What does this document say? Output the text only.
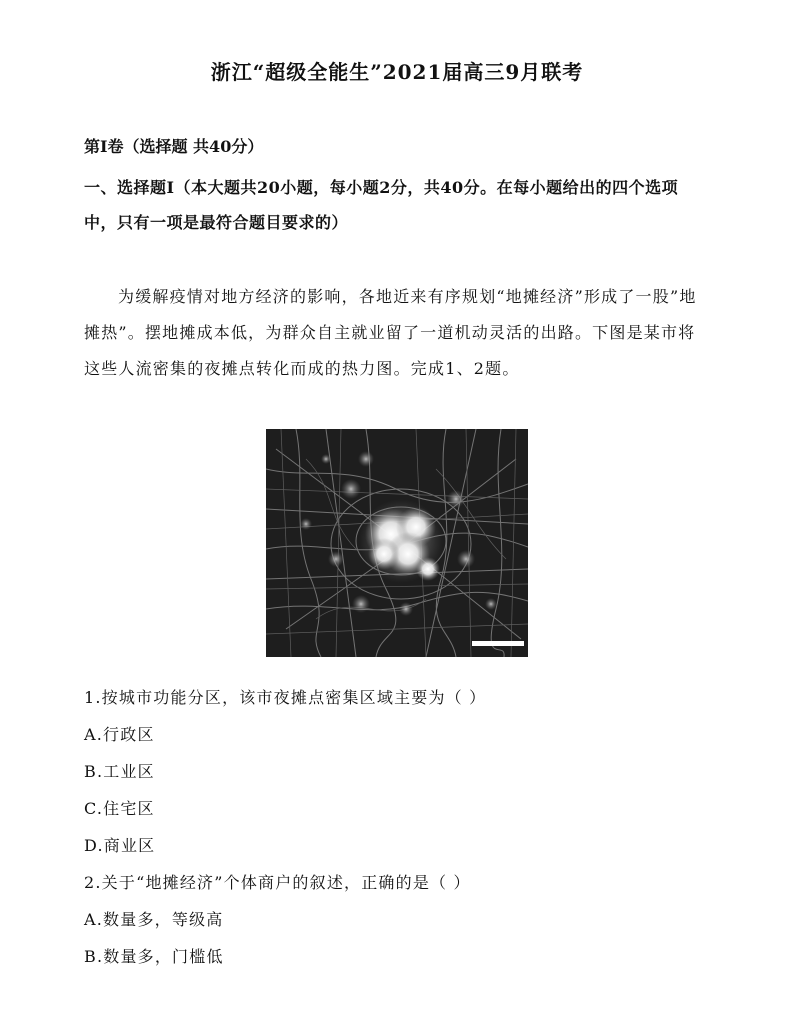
浙江“超级全能生”2021届高三9月联考
第Ⅰ卷（选择题 共40分）
一、选择题Ⅰ（本大题共20小题，每小题2分，共40分。在每小题给出的四个选项中，只有一项是最符合题目要求的）
为缓解疫情对地方经济的影响，各地近来有序规划“地摊经济”形成了一股”地摊热”。摆地摊成本低，为群众自主就业留了一道机动灵活的出路。下图是某市将这些人流密集的夜摊点转化而成的热力图。完成1、2题。
1.按城市功能分区，该市夜摊点密集区域主要为（ ）
A.行政区
B.工业区
C.住宅区
D.商业区
2.关于“地摊经济”个体商户的叙述，正确的是（ ）
A.数量多，等级高
B.数量多，门槛低
